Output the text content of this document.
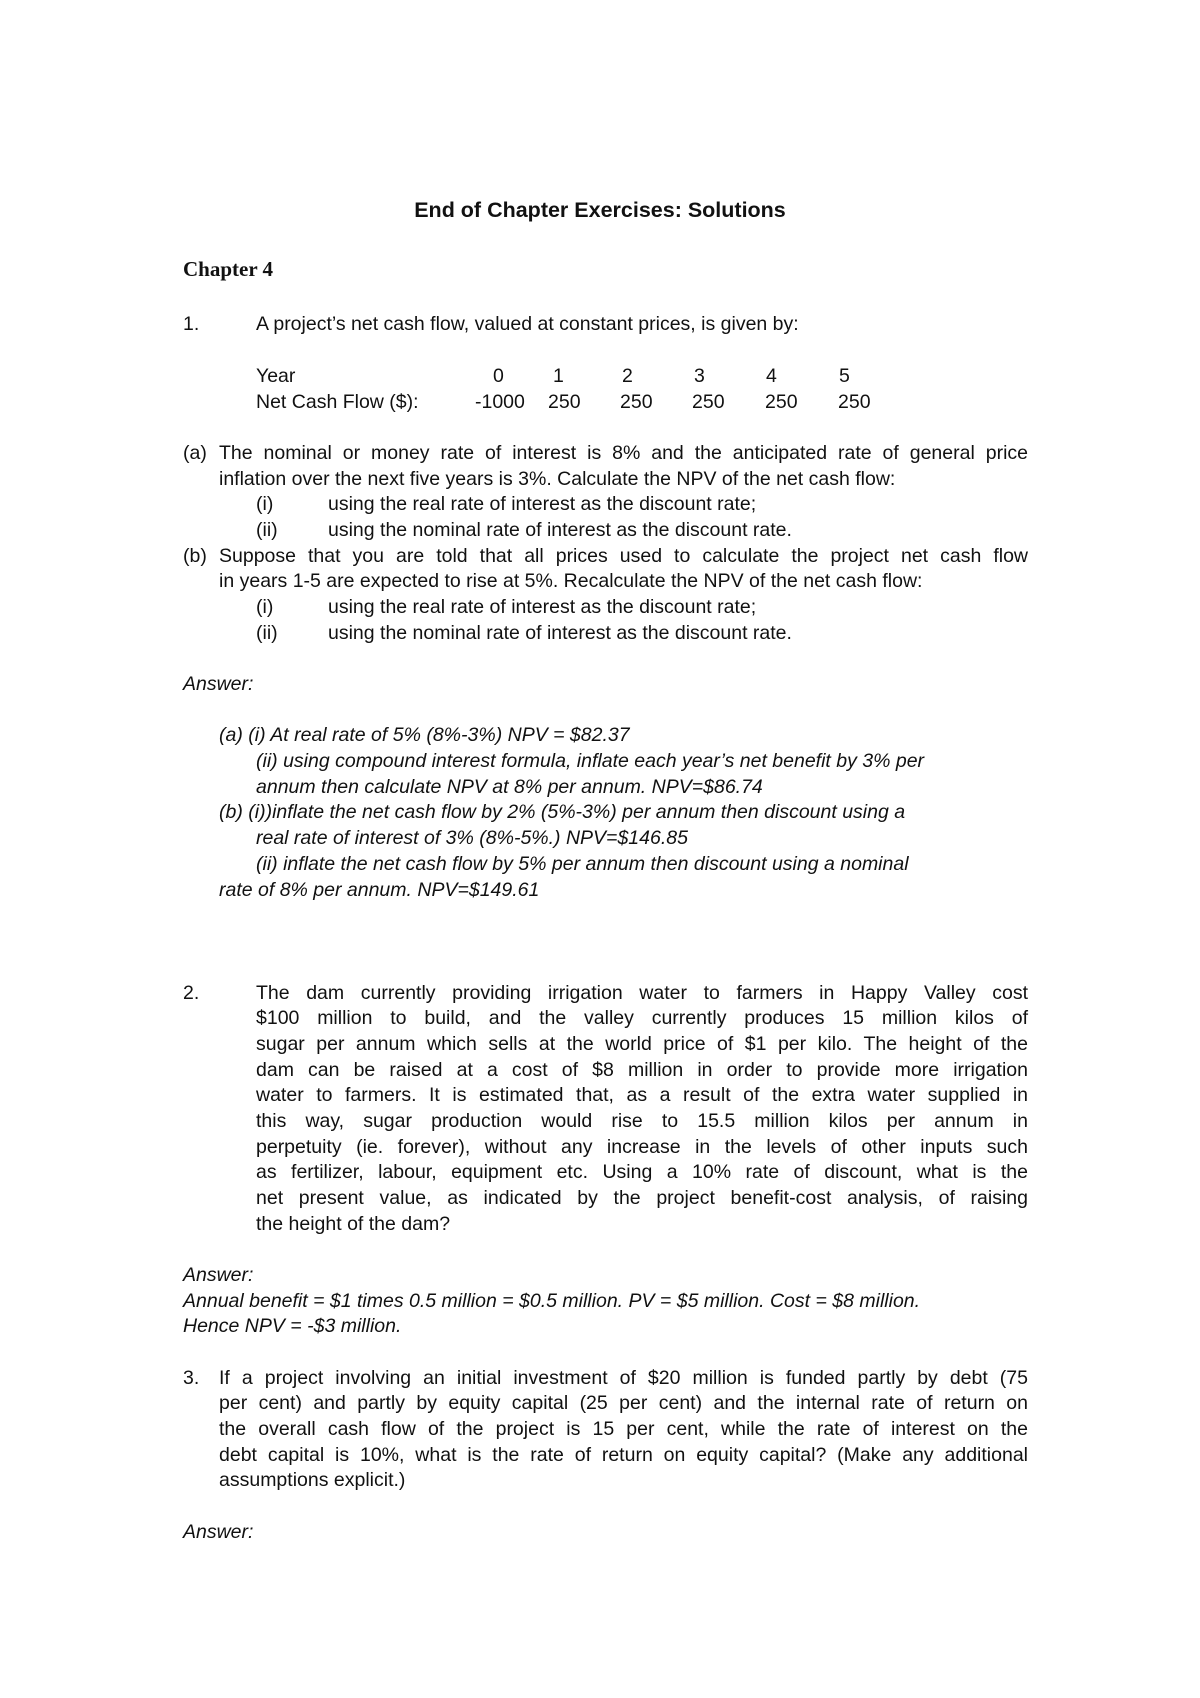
End of Chapter Exercises: Solutions
Chapter 4
1.	A project’s net cash flow, valued at constant prices, is given by:
Year	0	1	2	3	4	5
Net Cash Flow ($):	-1000 250 250 250 250 250
(a) The nominal or money rate of interest is 8% and the anticipated rate of general price
inflation over the next five years is 3%. Calculate the NPV of the net cash flow:
(i)	using the real rate of interest as the discount rate;
(ii)	using the nominal rate of interest as the discount rate.
(b) Suppose that you are told that all prices used to calculate the project net cash flow
in years 1-5 are expected to rise at 5%. Recalculate the NPV of the net cash flow:
(i)	using the real rate of interest as the discount rate;
(ii)	using the nominal rate of interest as the discount rate.
Answer:
(a) (i) At real rate of 5% (8%-3%) NPV = $82.37
(ii) using compound interest formula, inflate each year’s net benefit by 3% per
annum then calculate NPV at 8% per annum. NPV=$86.74
(b) (i))inflate the net cash flow by 2% (5%-3%) per annum then discount using a
real rate of interest of 3% (8%-5%.) NPV=$146.85
(ii) inflate the net cash flow by 5% per annum then discount using a nominal
rate of 8% per annum. NPV=$149.61
2.	The dam currently providing irrigation water to farmers in Happy Valley cost
$100 million to build, and the valley currently produces 15 million kilos of
sugar per annum which sells at the world price of $1 per kilo. The height of the
dam can be raised at a cost of $8 million in order to provide more irrigation
water to farmers. It is estimated that, as a result of the extra water supplied in
this way, sugar production would rise to 15.5 million kilos per annum in
perpetuity (ie. forever), without any increase in the levels of other inputs such
as fertilizer, labour, equipment etc. Using a 10% rate of discount, what is the
net present value, as indicated by the project benefit-cost analysis, of raising
the height of the dam?
Answer:
Annual benefit = $1 times 0.5 million = $0.5 million. PV = $5 million. Cost = $8 million.
Hence NPV = -$3 million.
3. If a project involving an initial investment of $20 million is funded partly by debt (75
per cent) and partly by equity capital (25 per cent) and the internal rate of return on
the overall cash flow of the project is 15 per cent, while the rate of interest on the
debt capital is 10%, what is the rate of return on equity capital? (Make any additional
assumptions explicit.)
Answer:
